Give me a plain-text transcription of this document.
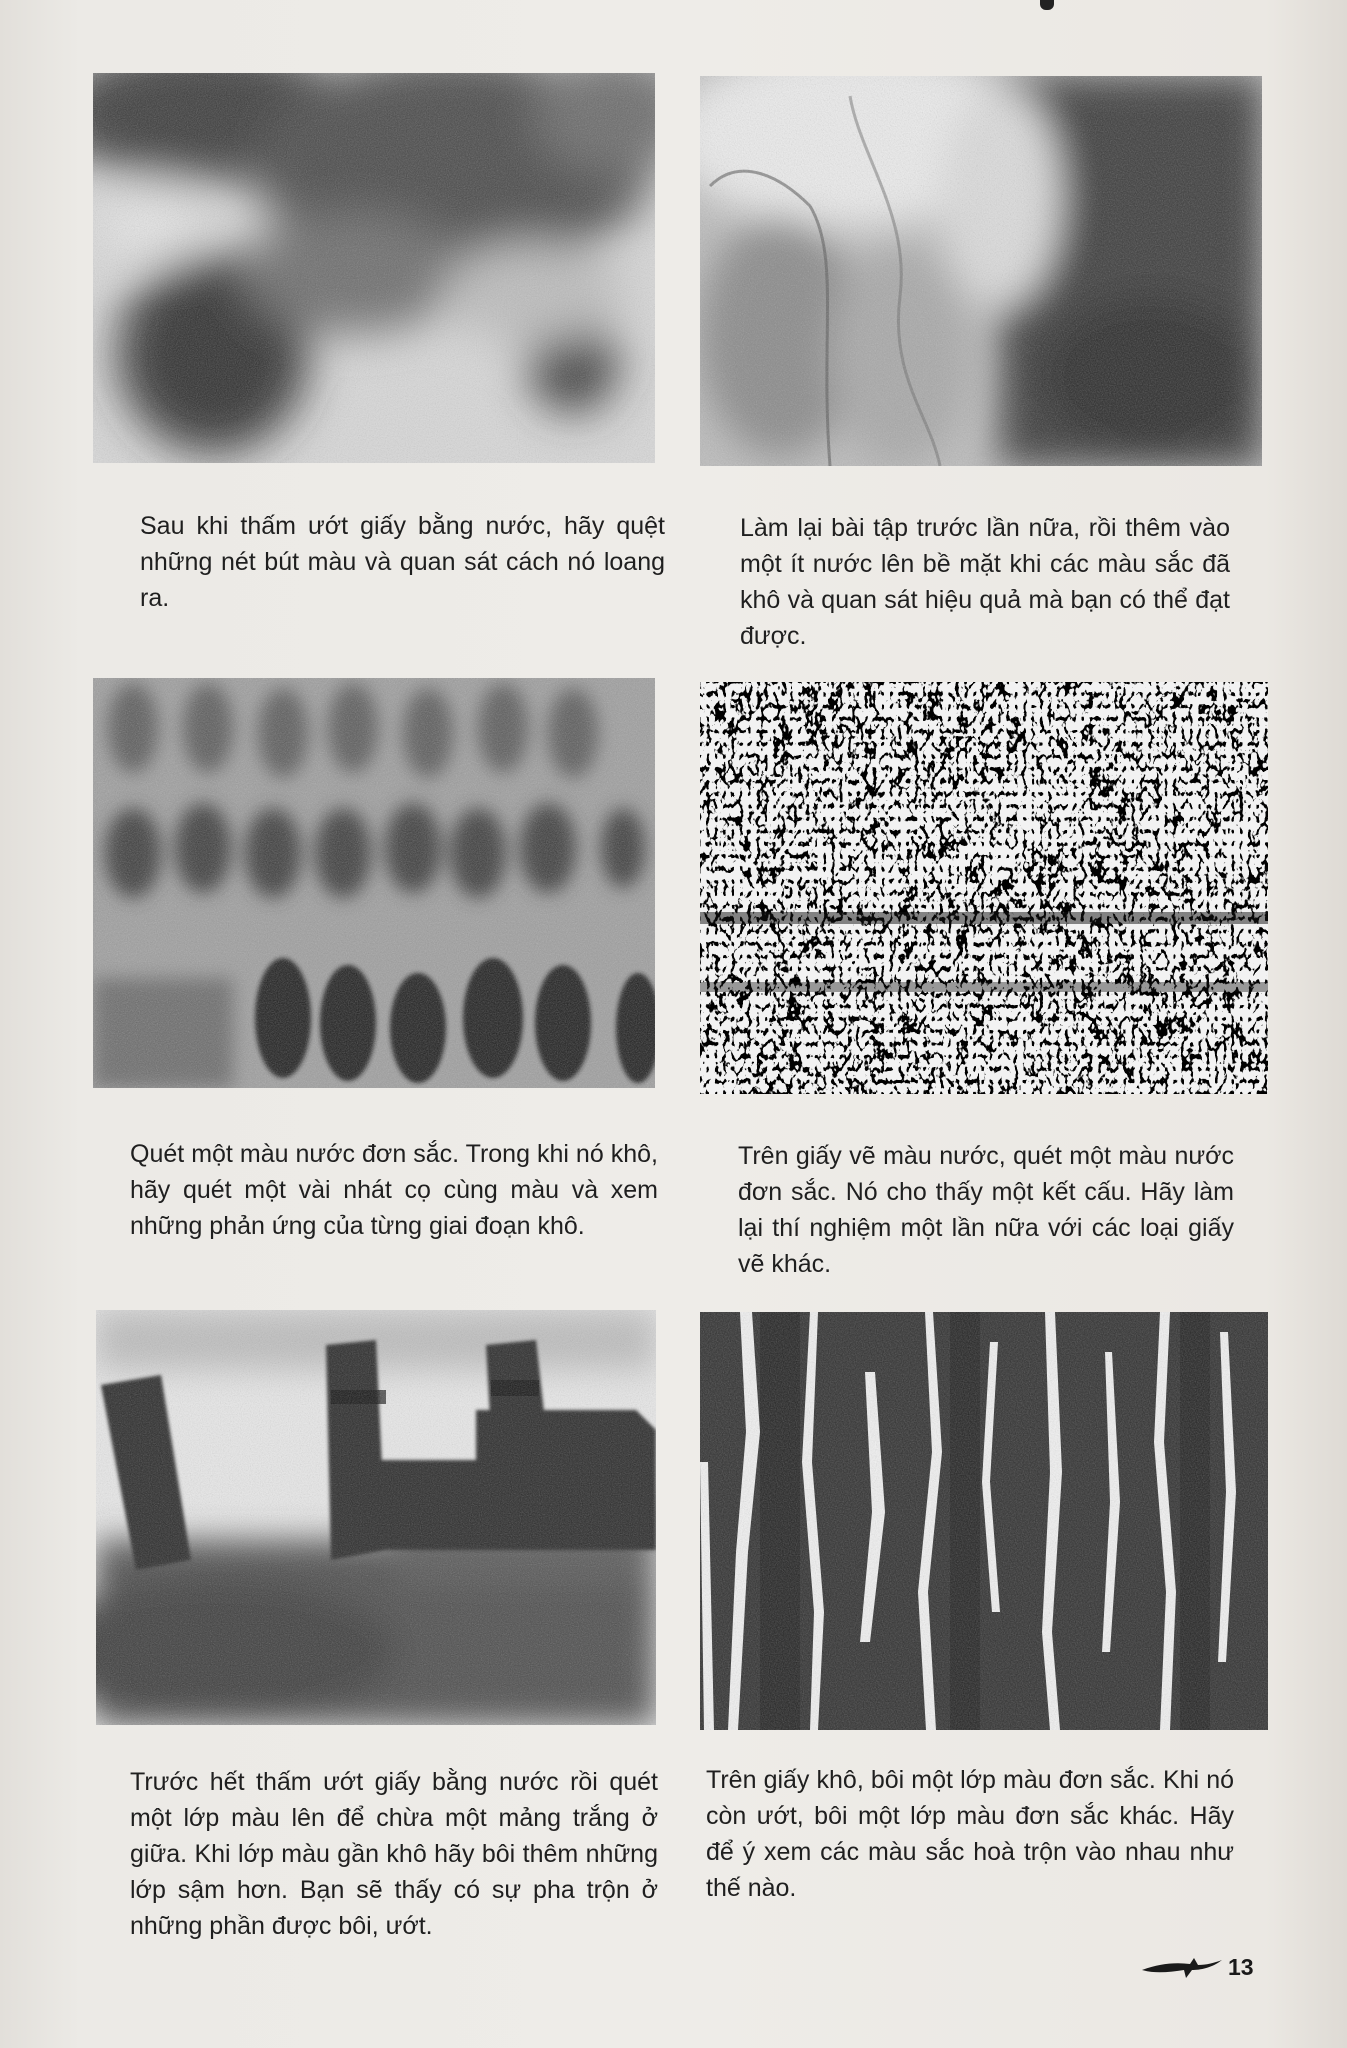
Sau khi thấm ướt giấy bằng nước, hãy quệt những nét bút màu và quan sát cách nó loang ra.
Làm lại bài tập trước lần nữa, rồi thêm vào một ít nước lên bề mặt khi các màu sắc đã khô và quan sát hiệu quả mà bạn có thể đạt được.
Quét một màu nước đơn sắc. Trong khi nó khô, hãy quét một vài nhát cọ cùng màu và xem những phản ứng của từng giai đoạn khô.
Trên giấy vẽ màu nước, quét một màu nước đơn sắc. Nó cho thấy một kết cấu. Hãy làm lại thí nghiệm một lần nữa với các loại giấy vẽ khác.
Trước hết thấm ướt giấy bằng nước rồi quét một lớp màu lên để chừa một mảng trắng ở giữa. Khi lớp màu gần khô hãy bôi thêm những lớp sậm hơn. Bạn sẽ thấy có sự pha trộn ở những phần được bôi, ướt.
Trên giấy khô, bôi một lớp màu đơn sắc. Khi nó còn ướt, bôi một lớp màu đơn sắc khác. Hãy để ý xem các màu sắc hoà trộn vào nhau như thế nào.
13
